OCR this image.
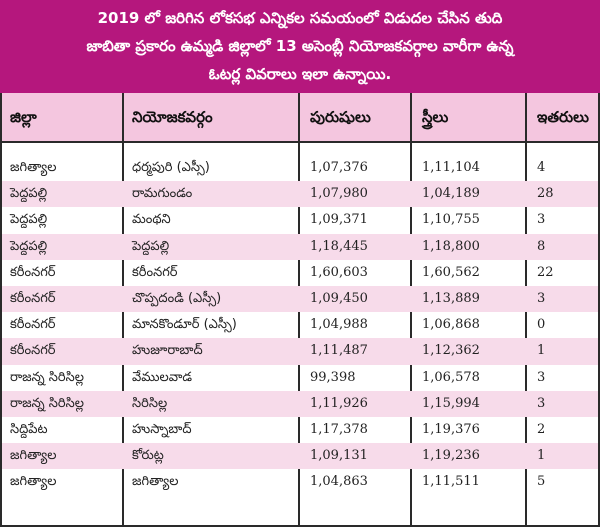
2019 లో జరిగిన లోకసభ ఎన్నికల సమయంలో విడుదల చేసిన తుది
జాబితా ప్రకారం ఉమ్మడి జిల్లాలో 13 అసెంబ్లీ నియోజకవర్గాల వారీగా ఉన్న
ఓటర్ల వివరాలు ఇలా ఉన్నాయి.
జిల్లా	నియోజకవర్గం	పురుషులు	స్త్రీలు	ఇతరులు
జగిత్యాల	ధర్మపురి (ఎస్సీ)	1,07,376	1,11,104	4
పెద్దపల్లి	రామగుండం	1,07,980	1,04,189	28
పెద్దపల్లి	మంథని	1,09,371	1,10,755	3
పెద్దపల్లి	పెద్దపల్లి	1,18,445	1,18,800	8
కరీంనగర్	కరీంనగర్	1,60,603	1,60,562	22
కరీంనగర్	చొప్పదండి (ఎస్సీ)	1,09,450	1,13,889	3
కరీంనగర్	మానకొండూర్ (ఎస్సీ)	1,04,988	1,06,868	0
కరీంనగర్	హుజూరాబాద్	1,11,487	1,12,362	1
రాజన్న సిరిసిల్ల	వేములవాడ	99,398	1,06,578	3
రాజన్న సిరిసిల్ల	సిరిసిల్ల	1,11,926	1,15,994	3
సిద్దిపేట	హుస్నాబాద్	1,17,378	1,19,376	2
జగిత్యాల	కోరుట్ల	1,09,131	1,19,236	1
జగిత్యాల	జగిత్యాల	1,04,863	1,11,511	5
